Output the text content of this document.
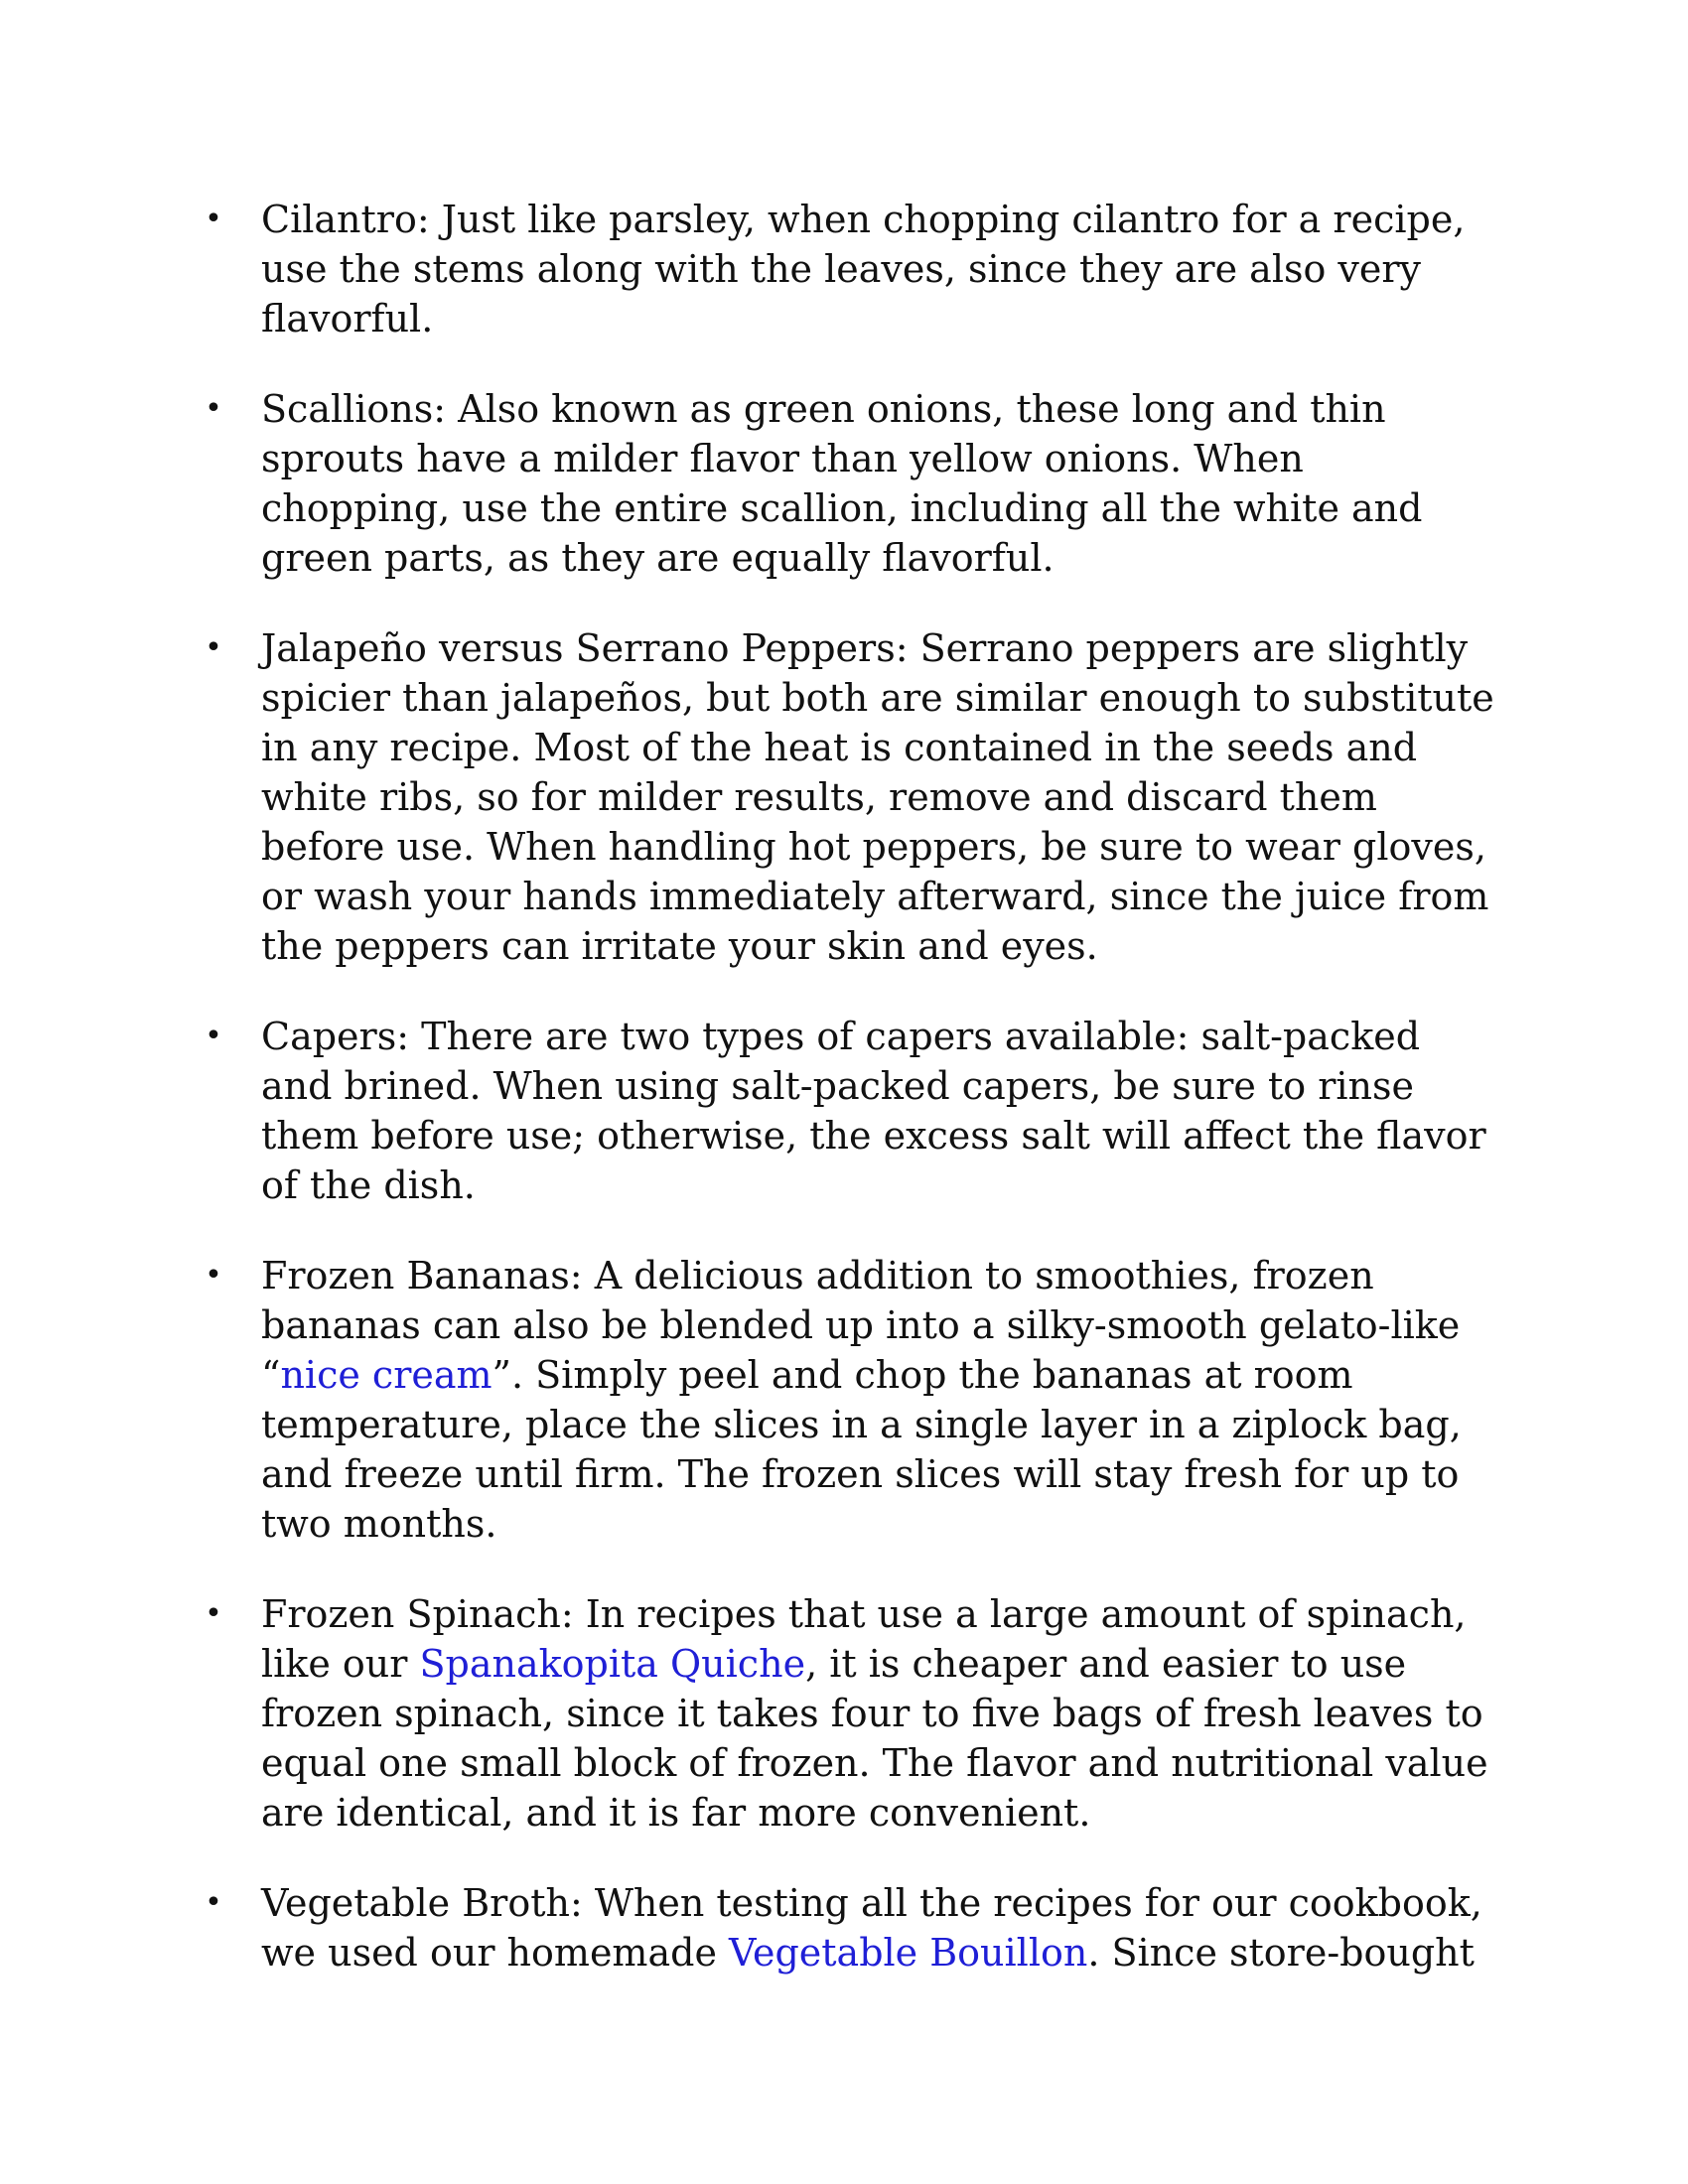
• Cilantro: Just like parsley, when chopping cilantro for a recipe, use the stems along with the leaves, since they are also very flavorful.
• Scallions: Also known as green onions, these long and thin sprouts have a milder flavor than yellow onions. When chopping, use the entire scallion, including all the white and green parts, as they are equally flavorful.
• Jalapeño versus Serrano Peppers: Serrano peppers are slightly spicier than jalapeños, but both are similar enough to substitute in any recipe. Most of the heat is contained in the seeds and white ribs, so for milder results, remove and discard them before use. When handling hot peppers, be sure to wear gloves, or wash your hands immediately afterward, since the juice from the peppers can irritate your skin and eyes.
• Capers: There are two types of capers available: salt-packed and brined. When using salt-packed capers, be sure to rinse them before use; otherwise, the excess salt will affect the flavor of the dish.
• Frozen Bananas: A delicious addition to smoothies, frozen bananas can also be blended up into a silky-smooth gelato-like “nice cream”. Simply peel and chop the bananas at room temperature, place the slices in a single layer in a ziplock bag, and freeze until firm. The frozen slices will stay fresh for up to two months.
• Frozen Spinach: In recipes that use a large amount of spinach, like our Spanakopita Quiche, it is cheaper and easier to use frozen spinach, since it takes four to five bags of fresh leaves to equal one small block of frozen. The flavor and nutritional value are identical, and it is far more convenient.
• Vegetable Broth: When testing all the recipes for our cookbook, we used our homemade Vegetable Bouillon. Since store-bought
